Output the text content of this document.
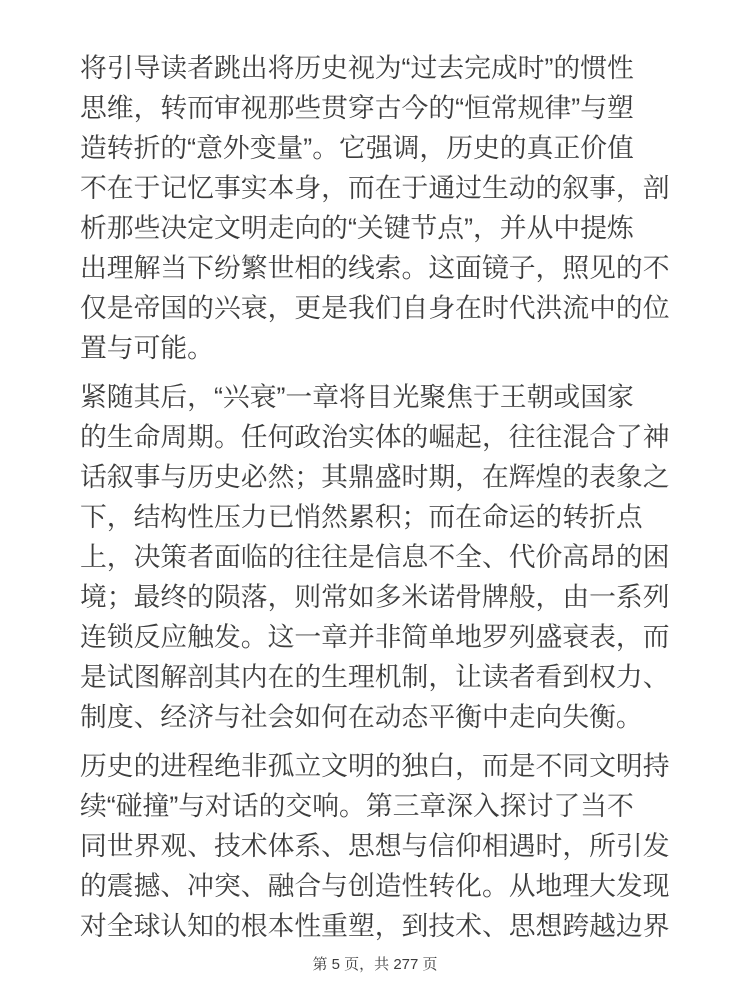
将引导读者跳出将历史视为“过去完成时”的惯性
思维，转而审视那些贯穿古今的“恒常规律”与塑
造转折的“意外变量”。它强调，历史的真正价值
不在于记忆事实本身，而在于通过生动的叙事，剖
析那些决定文明走向的“关键节点”，并从中提炼
出理解当下纷繁世相的线索。这面镜子，照见的不
仅是帝国的兴衰，更是我们自身在时代洪流中的位
置与可能。
紧随其后，“兴衰”一章将目光聚焦于王朝或国家
的生命周期。任何政治实体的崛起，往往混合了神
话叙事与历史必然；其鼎盛时期，在辉煌的表象之
下，结构性压力已悄然累积；而在命运的转折点
上，决策者面临的往往是信息不全、代价高昂的困
境；最终的陨落，则常如多米诺骨牌般，由一系列
连锁反应触发。这一章并非简单地罗列盛衰表，而
是试图解剖其内在的生理机制，让读者看到权力、
制度、经济与社会如何在动态平衡中走向失衡。
历史的进程绝非孤立文明的独白，而是不同文明持
续“碰撞”与对话的交响。第三章深入探讨了当不
同世界观、技术体系、思想与信仰相遇时，所引发
的震撼、冲突、融合与创造性转化。从地理大发现
对全球认知的根本性重塑，到技术、思想跨越边界
第 5 页，共 277 页
